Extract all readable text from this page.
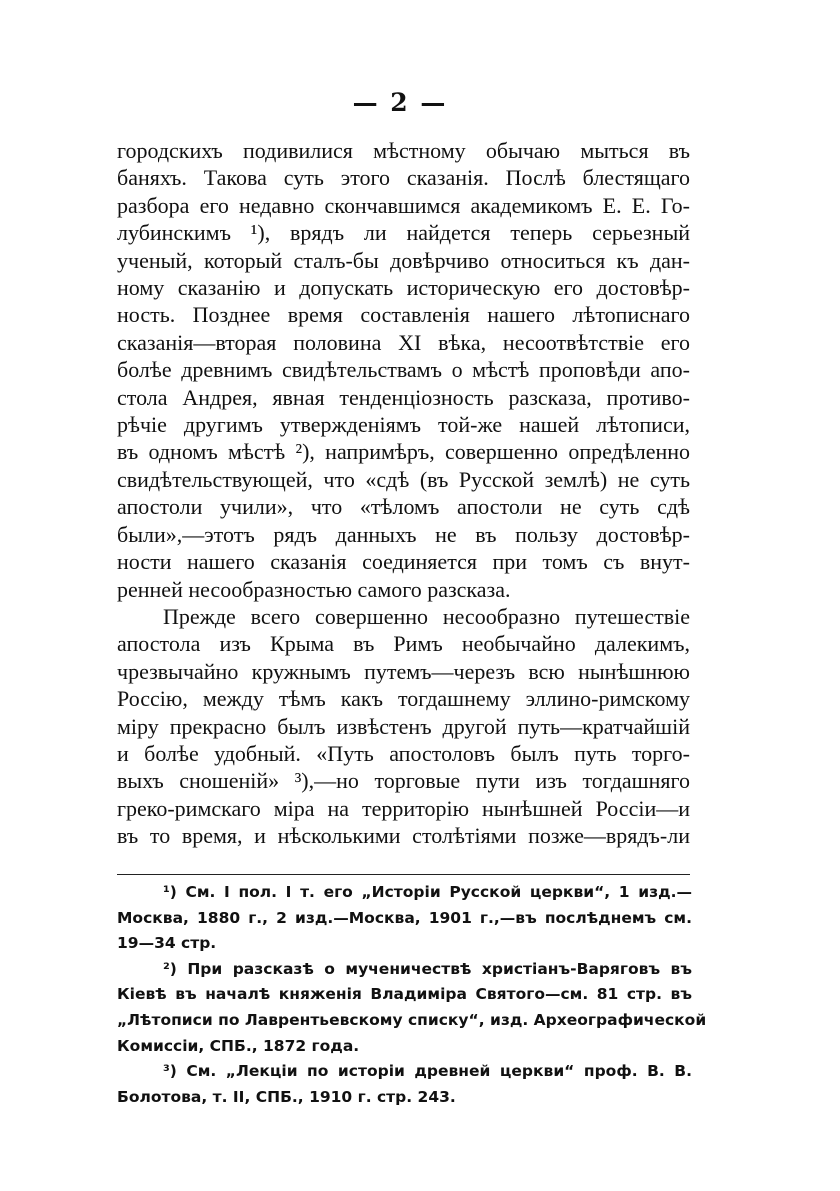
— 2 —
городскихъ подивилися мѣстному обычаю мыться въ
баняхъ. Такова суть этого сказанія. Послѣ блестящаго
разбора его недавно скончавшимся академикомъ Е. Е. Го-
лубинскимъ ¹), врядъ ли найдется теперь серьезный
ученый, который сталъ-бы довѣрчиво относиться къ дан-
ному сказанію и допускать историческую его достовѣр-
ность. Позднее время составленія нашего лѣтописнаго
сказанія—вторая половина XI вѣка, несоотвѣтствіе его
болѣе древнимъ свидѣтельствамъ о мѣстѣ проповѣди апо-
стола Андрея, явная тенденціозность разсказа, противо-
рѣчіе другимъ утвержденіямъ той-же нашей лѣтописи,
въ одномъ мѣстѣ ²), напримѣръ, совершенно опредѣленно
свидѣтельствующей, что «сдѣ (въ Русской землѣ) не суть
апостоли учили», что «тѣломъ апостоли не суть сдѣ
были»,—этотъ рядъ данныхъ не въ пользу достовѣр-
ности нашего сказанія соединяется при томъ съ внут-
ренней несообразностью самого разсказа.
Прежде всего совершенно несообразно путешествіе
апостола изъ Крыма въ Римъ необычайно далекимъ,
чрезвычайно кружнымъ путемъ—черезъ всю нынѣшнюю
Россію, между тѣмъ какъ тогдашнему эллино-римскому
міру прекрасно былъ извѣстенъ другой путь—кратчайшій
и болѣе удобный. «Путь апостоловъ былъ путь торго-
выхъ сношеній» ³),—но торговые пути изъ тогдашняго
греко-римскаго міра на территорію нынѣшней Россіи—и
въ то время, и нѣсколькими столѣтіями позже—врядъ-ли
¹) См. I пол. I т. его „Исторіи Русской церкви“, 1 изд.—
Москва, 1880 г., 2 изд.—Москва, 1901 г.,—въ послѣднемъ см.
19—34 стр.
²) При разсказѣ о мученичествѣ христіанъ-Варяговъ въ
Кіевѣ въ началѣ княженія Владиміра Святого—см. 81 стр. въ
„Лѣтописи по Лаврентьевскому списку“, изд. Археографической
Комиссіи, СПБ., 1872 года.
³) См. „Лекціи по исторіи древней церкви“ проф. В. В.
Болотова, т. II, СПБ., 1910 г. стр. 243.
